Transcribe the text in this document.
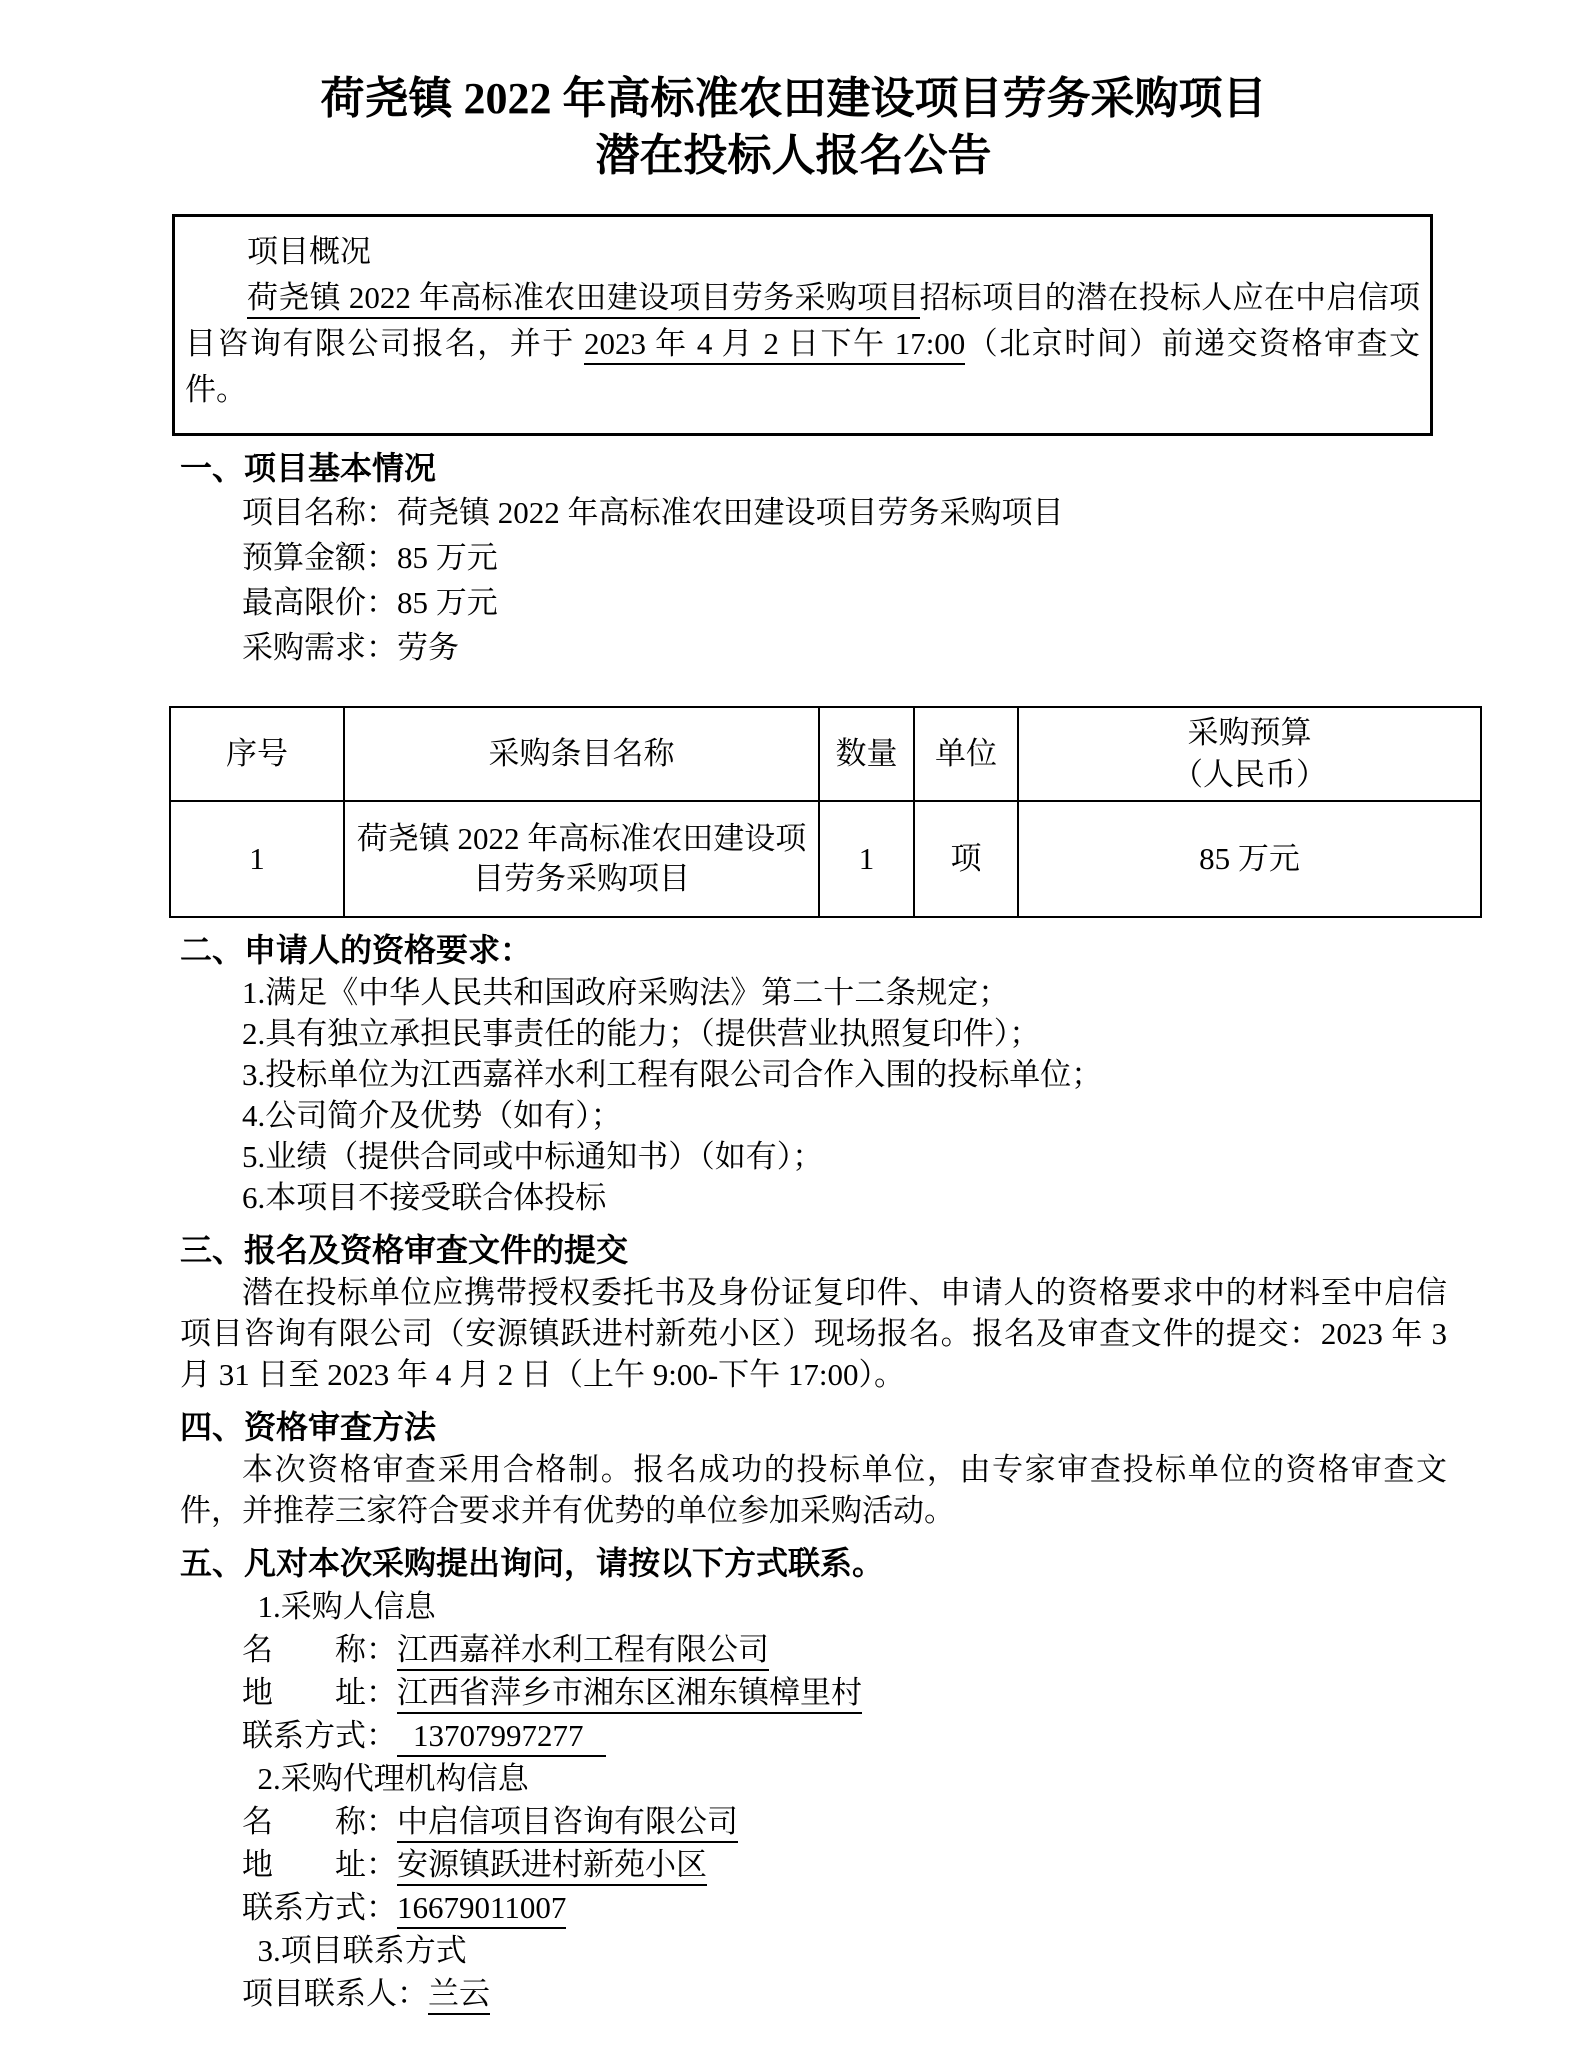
荷尧镇 2022 年高标准农田建设项目劳务采购项目
潜在投标人报名公告

项目概况

荷尧镇 2022 年高标准农田建设项目劳务采购项目招标项目的潜在投标人应在中启信项目咨询有限公司报名，并于 2023 年 4 月 2 日下午 17:00（北京时间）前递交资格审查文件。

一、项目基本情况

项目名称：荷尧镇 2022 年高标准农田建设项目劳务采购项目

预算金额：85 万元

最高限价：85 万元

采购需求：劳务

序号	采购条目名称	数量	单位	采购预算
（人民币）

1	荷尧镇 2022 年高标准农田建设项目劳务采购项目	1	项	85 万元
二、申请人的资格要求：

1.满足《中华人民共和国政府采购法》第二十二条规定；

2.具有独立承担民事责任的能力；（提供营业执照复印件）；

3.投标单位为江西嘉祥水利工程有限公司合作入围的投标单位；

4.公司简介及优势（如有）；

5.业绩（提供合同或中标通知书）（如有）；

6.本项目不接受联合体投标

三、报名及资格审查文件的提交

潜在投标单位应携带授权委托书及身份证复印件、申请人的资格要求中的材料至中启信项目咨询有限公司（安源镇跃进村新苑小区）现场报名。报名及审查文件的提交：2023 年 3 月 31 日至 2023 年 4 月 2 日（上午 9:00-下午 17:00）。

四、资格审查方法

本次资格审查采用合格制。报名成功的投标单位，由专家审查投标单位的资格审查文件，并推荐三家符合要求并有优势的单位参加采购活动。

五、凡对本次采购提出询问，请按以下方式联系。

1.采购人信息

名　　称：江西嘉祥水利工程有限公司

地　　址：江西省萍乡市湘东区湘东镇樟里村

联系方式： 13707997277

2.采购代理机构信息

名　　称：中启信项目咨询有限公司

地　　址：安源镇跃进村新苑小区

联系方式：16679011007

3.项目联系方式

项目联系人：兰云
